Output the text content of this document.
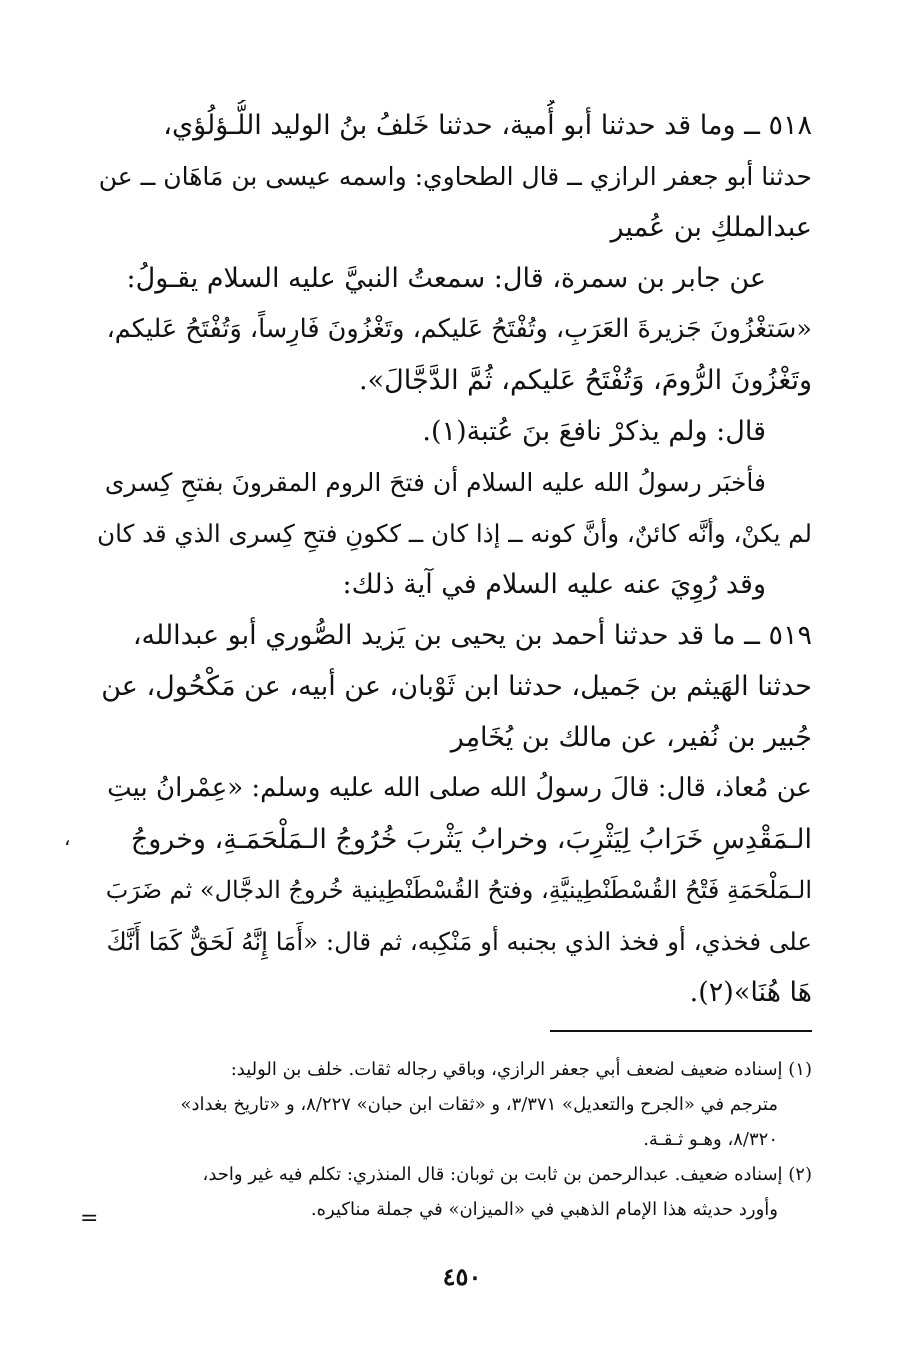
٥١٨ ــ وما قد حدثنا أبو أُمية، حدثنا خَلفُ بنُ الوليد اللُّـؤلُؤي،
حدثنا أبو جعفر الرازي ــ قال الطحاوي: واسمه عيسى بن مَاهَان ــ عن
عبدالملكِ بن عُمير
عن جابر بن سمرة، قال: سمعتُ النبيَّ عليه السلام يقـولُ:
«سَتغْزُونَ جَزيرةَ العَرَبِ، وتُفْتَحُ عَليكم، وتَغْزُونَ فَارِساً، وَتُفْتَحُ عَليكم،
وتَغْزُونَ الرُّومَ، وَتُفْتَحُ عَليكم، ثُمَّ الدَّجَّالَ».
قال: ولم يذكرْ نافعَ بنَ عُتبة(١).
فأخبَر رسولُ الله عليه السلام أن فتحَ الروم المقرونَ بفتحِ كِسرى
لم يكنْ، وأنَّه كائنٌ، وأنَّ كونه ــ إذا كان ــ ككونِ فتحِ كِسرى الذي قد كان
وقد رُوِيَ عنه عليه السلام في آية ذلك:
٥١٩ ــ ما قد حدثنا أحمد بن يحيى بن يَزيد الصُّوري أبو عبدالله،
حدثنا الهَيثم بن جَميل، حدثنا ابن ثَوْبان، عن أبيه، عن مَكْحُول، عن
جُبير بن نُفير، عن مالك بن يُخَامِر
عن مُعاذ، قال: قالَ رسولُ الله صلى الله عليه وسلم: «عِمْرانُ بيتِ
الـمَقْدِسِ خَرَابُ لِيَثْرِبَ، وخرابُ يَثْربَ خُرُوجُ الـمَلْحَمَـةِ، وخروجُ
الـمَلْحَمَةِ فَتْحُ القُسْطَنْطِينيَّةِ، وفتحُ القُسْطَنْطِينية خُروجُ الدجَّال» ثم ضَرَبَ
على فخذي، أو فخذ الذي بجنبه أو مَنْكِبه، ثم قال: «أَمَا إِنَّهُ لَحَقٌّ كَمَا أَنَّكَ
هَا هُنَا»(٢).
،
(١) إسناده ضعيف لضعف أبي جعفر الرازي، وباقي رجاله ثقات. خلف بن الوليد:
مترجم في «الجرح والتعديل» ٣/٣٧١، و «ثقات ابن حبان» ٨/٢٢٧، و «تاريخ بغداد»
٨/٣٢٠، وهـو ثـقـة.
(٢) إسناده ضعيف. عبدالرحمن بن ثابت بن ثوبان: قال المنذري: تكلم فيه غير واحد،
وأورد حديثه هذا الإمام الذهبي في «الميزان» في جملة مناكيره.
=
٤٥٠
